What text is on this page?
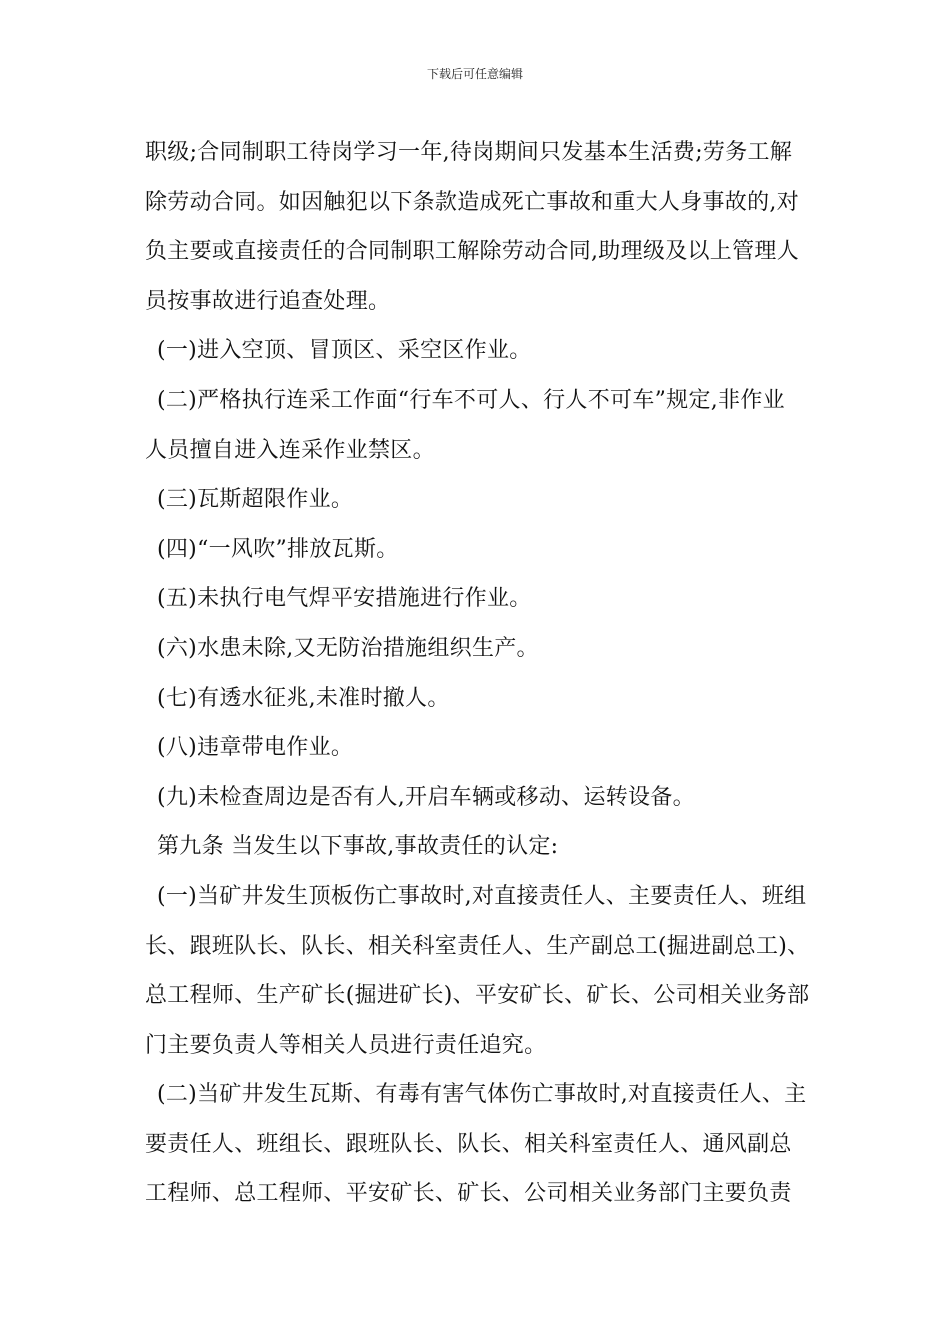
下载后可任意编辑
职级;合同制职工待岗学习一年,待岗期间只发基本生活费;劳务工解
除劳动合同。如因触犯以下条款造成死亡事故和重大人身事故的,对
负主要或直接责任的合同制职工解除劳动合同,助理级及以上管理人
员按事故进行追查处理。
(一)进入空顶、冒顶区、采空区作业。
(二)严格执行连采工作面“行车不可人、行人不可车”规定,非作业
人员擅自进入连采作业禁区。
(三)瓦斯超限作业。
(四)“一风吹”排放瓦斯。
(五)未执行电气焊平安措施进行作业。
(六)水患未除,又无防治措施组织生产。
(七)有透水征兆,未准时撤人。
(八)违章带电作业。
(九)未检查周边是否有人,开启车辆或移动、运转设备。
第九条 当发生以下事故,事故责任的认定:
(一)当矿井发生顶板伤亡事故时,对直接责任人、主要责任人、班组
长、跟班队长、队长、相关科室责任人、生产副总工(掘进副总工)、
总工程师、生产矿长(掘进矿长)、平安矿长、矿长、公司相关业务部
门主要负责人等相关人员进行责任追究。
(二)当矿井发生瓦斯、有毒有害气体伤亡事故时,对直接责任人、主
要责任人、班组长、跟班队长、队长、相关科室责任人、通风副总
工程师、总工程师、平安矿长、矿长、公司相关业务部门主要负责
